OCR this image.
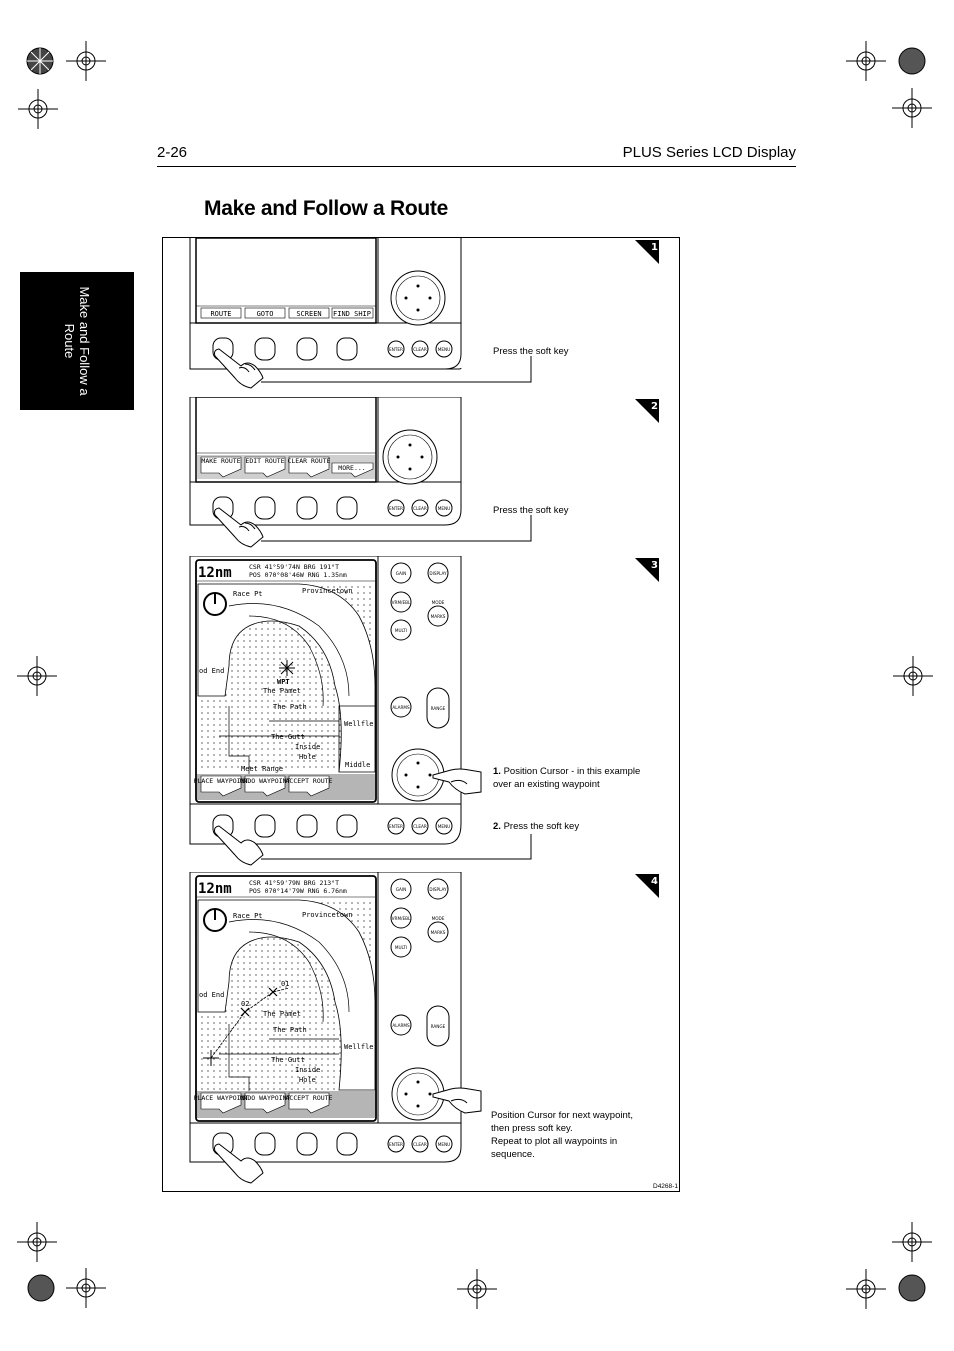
2-26	PLUS Series LCD Display
Make and Follow a Route
Make and Follow a Route
ROUTE	GOTO	SCREEN FIND SHIP
ENTER CLEAR	MENU
1
Press the soft key
MAKE ROUTE EDIT ROUTE CLEAR ROUTE
MORE...
ENTER CLEAR	MENU
2
Press the soft key
12nm	CSR 41°59'74N BRG 191°T
POS 070°08'46W RNG 1.35nm
Race Pt	Provincetown
od End
WPT
The Pamet
The Path
Wellfle
The Gutt
Inside
Hole
Middle
Meet Range
PLACE WAYPOINT
UNDO WAYPOINT
ACCEPT ROUTE
GAIN	DISPLAY
VRM/EBL	MODE
MARKS
MULTI
ALARMS	RANGE
ENTER CLEAR	MENU
3
1. Position Cursor - in this example over an existing waypoint
2. Press the soft key
12nm	CSR 41°59'79N BRG 213°T
POS 070°14'79W RNG 6.76nm
Race Pt	Provincetown
od End
01
02
The Pamet
The Path
Wellfle
The Gutt
Inside
Hole
PLACE WAYPOINT
UNDO WAYPOINT
ACCEPT ROUTE
GAIN	DISPLAY
VRM/EBL	MODE
MARKS
MULTI
ALARMS	RANGE
ENTER CLEAR	MENU
4
Position Cursor for next waypoint,
then press soft key.
Repeat to plot all waypoints in
sequence.
D4268-1
